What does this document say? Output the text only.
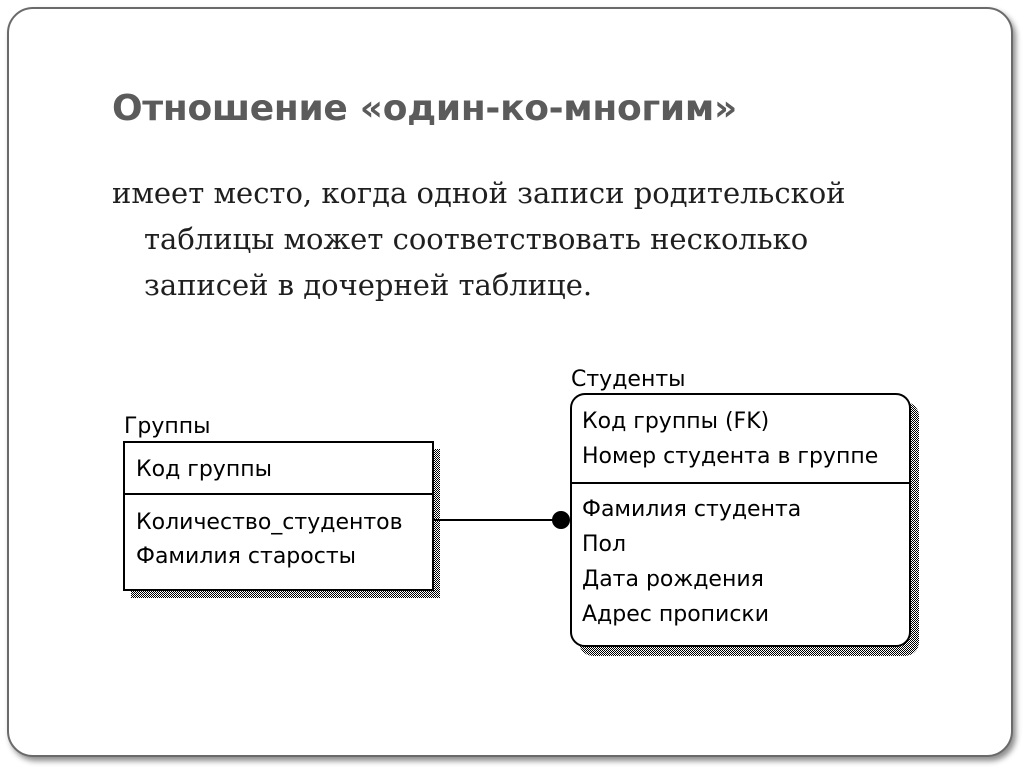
Отношение «один-ко-многим»
имеет место, когда одной записи родительской
таблицы может соответствовать несколько
записей в дочерней таблице.
Группы
Код группы
Количество_студентов
Фамилия старосты
Студенты
Код группы (FK)
Номер студента в группе
Фамилия студента
Пол
Дата рождения
Адрес прописки
